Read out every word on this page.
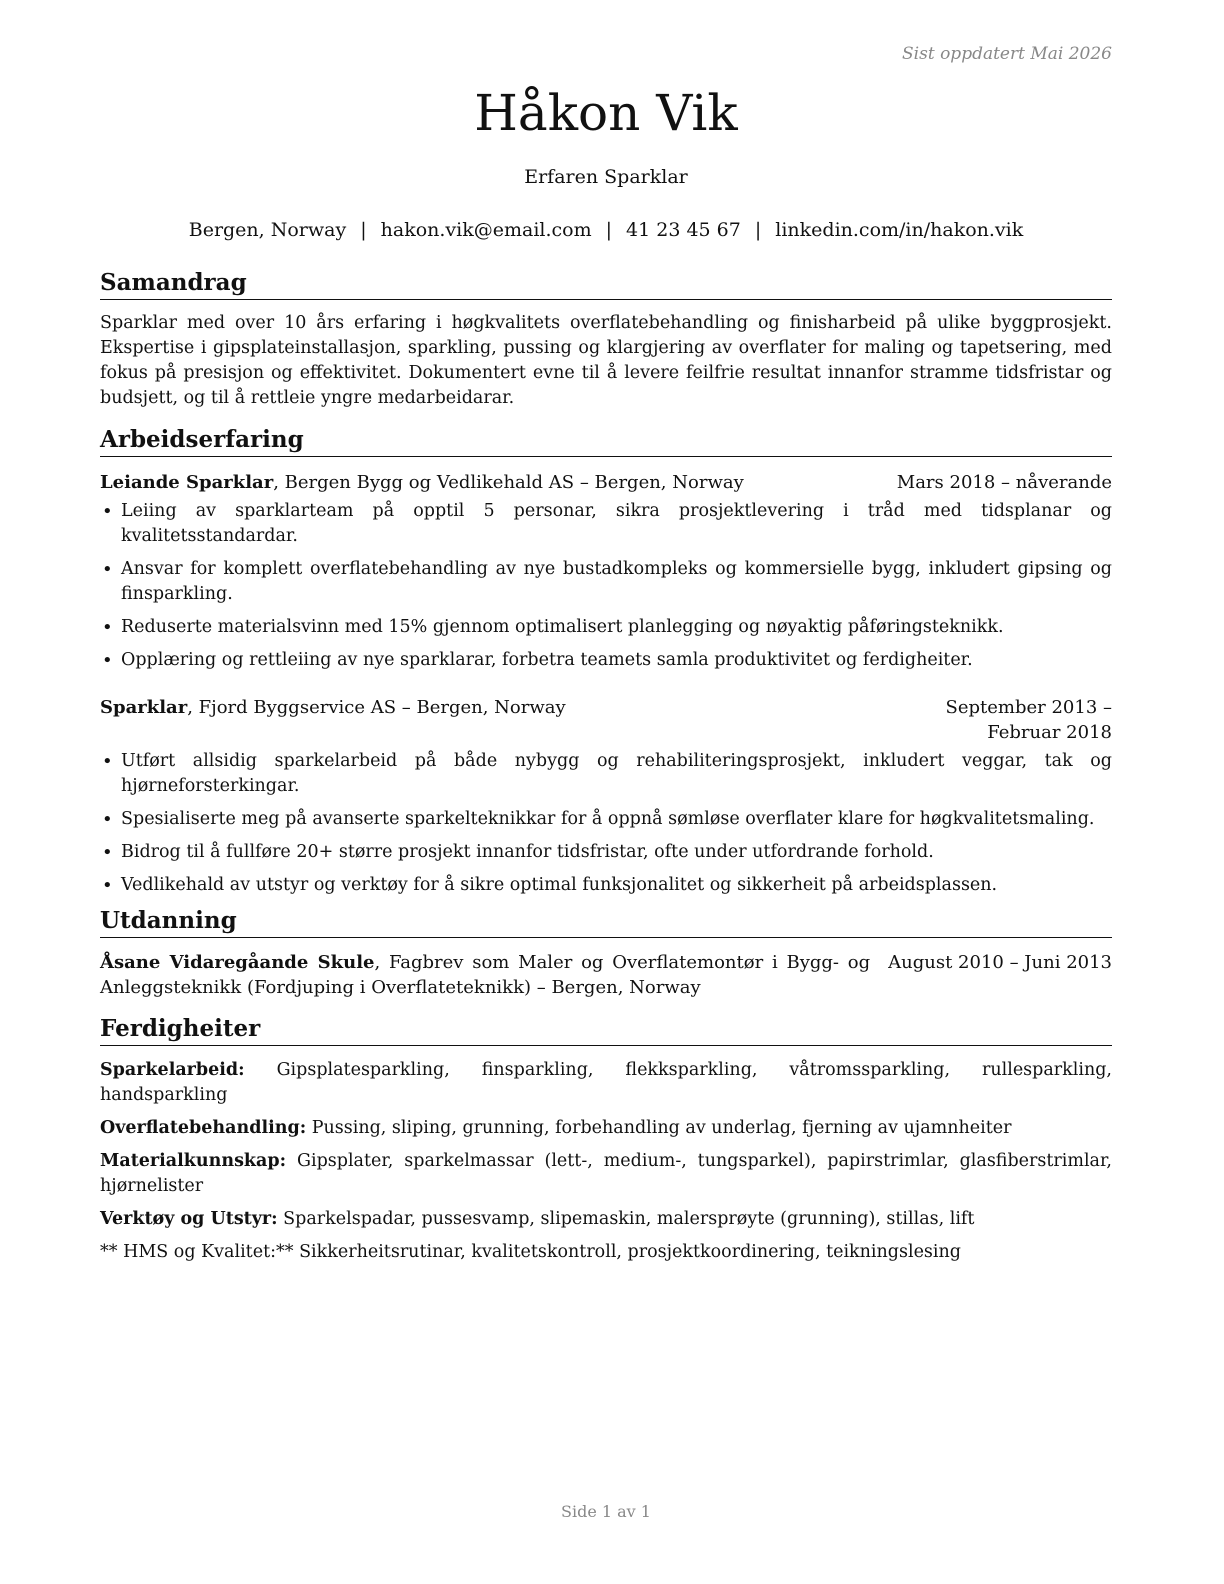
Sist oppdatert Mai 2026
Håkon Vik
Erfaren Sparklar
Bergen, Norway | hakon.vik@email.com | 41 23 45 67 | linkedin.com/in/hakon.vik
Samandrag

Sparklar med over 10 års erfaring i høgkvalitets overflatebehandling og finisharbeid på ulike byggprosjekt. Ekspertise i gipsplateinstallasjon, sparkling, pussing og klargjering av overflater for maling og tapetsering, med fokus på presisjon og effektivitet. Dokumentert evne til å levere feilfrie resultat innanfor stramme tidsfristar og budsjett, og til å rettleie yngre medarbeidarar.

Arbeidserfaring
Leiande Sparklar, Bergen Bygg og Vedlikehald AS – Bergen, Norway	Mars 2018 – nåverande
• Leiing av sparklarteam på opptil 5 personar, sikra prosjektlevering i tråd med tidsplanar og kvalitetsstandardar.
• Ansvar for komplett overflatebehandling av nye bustadkompleks og kommersielle bygg, inkludert gipsing og finsparkling.
• Reduserte materialsvinn med 15% gjennom optimalisert planlegging og nøyaktig påføringsteknikk.
• Opplæring og rettleiing av nye sparklarar, forbetra teamets samla produktivitet og ferdigheiter.
Sparklar, Fjord Byggservice AS – Bergen, Norway	September 2013 – Februar 2018
• Utført allsidig sparkelarbeid på både nybygg og rehabiliteringsprosjekt, inkludert veggar, tak og hjørneforsterkingar.
• Spesialiserte meg på avanserte sparkelteknikkar for å oppnå sømløse overflater klare for høgkvalitetsmaling.
• Bidrog til å fullføre 20+ større prosjekt innanfor tidsfristar, ofte under utfordrande forhold.
• Vedlikehald av utstyr og verktøy for å sikre optimal funksjonalitet og sikkerheit på arbeidsplassen.
Utdanning
Åsane Vidaregåande Skule, Fagbrev som Maler og Overflatemontør i Bygg- og Anleggsteknikk (Fordjuping i Overflateteknikk) – Bergen, Norway
August 2010 – Juni 2013
Ferdigheiter
Sparkelarbeid: Gipsplatesparkling, finsparkling, flekksparkling, våtromssparkling, rullesparkling, handsparkling
Overflatebehandling: Pussing, sliping, grunning, forbehandling av underlag, fjerning av ujamnheiter
Materialkunnskap: Gipsplater, sparkelmassar (lett-, medium-, tungsparkel), papirstrimlar, glasfiberstrimlar, hjørnelister
Verktøy og Utstyr: Sparkelspadar, pussesvamp, slipemaskin, malersprøyte (grunning), stillas, lift
** HMS og Kvalitet:** Sikkerheitsrutinar, kvalitetskontroll, prosjektkoordinering, teikningslesing
Side 1 av 1
